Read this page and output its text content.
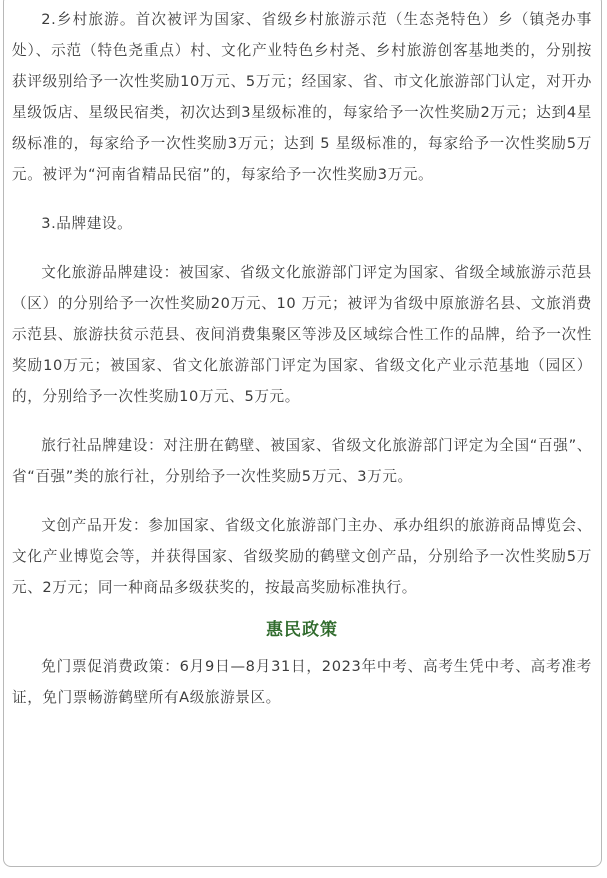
2.乡村旅游。首次被评为国家、省级乡村旅游示范（生态尧特色）乡（镇尧办事处）、示范（特色尧重点）村、文化产业特色乡村尧、乡村旅游创客基地类的，分别按获评级别给予一次性奖励10万元、5万元；经国家、省、市文化旅游部门认定，对开办星级饭店、星级民宿类，初次达到3星级标准的，每家给予一次性奖励2万元；达到4星级标准的，每家给予一次性奖励3万元；达到 5 星级标准的，每家给予一次性奖励5万元。被评为“河南省精品民宿”的，每家给予一次性奖励3万元。

3.品牌建设。

文化旅游品牌建设：被国家、省级文化旅游部门评定为国家、省级全域旅游示范县（区）的分别给予一次性奖励20万元、10 万元；被评为省级中原旅游名县、文旅消费示范县、旅游扶贫示范县、夜间消费集聚区等涉及区域综合性工作的品牌，给予一次性奖励10万元；被国家、省文化旅游部门评定为国家、省级文化产业示范基地（园区）的，分别给予一次性奖励10万元、5万元。

旅行社品牌建设：对注册在鹤壁、被国家、省级文化旅游部门评定为全国“百强”、省“百强”类的旅行社，分别给予一次性奖励5万元、3万元。

文创产品开发：参加国家、省级文化旅游部门主办、承办组织的旅游商品博览会、文化产业博览会等，并获得国家、省级奖励的鹤壁文创产品，分别给予一次性奖励5万元、2万元；同一种商品多级获奖的，按最高奖励标准执行。

惠民政策

免门票促消费政策：6月9日—8月31日，2023年中考、高考生凭中考、高考准考证，免门票畅游鹤壁所有A级旅游景区。
